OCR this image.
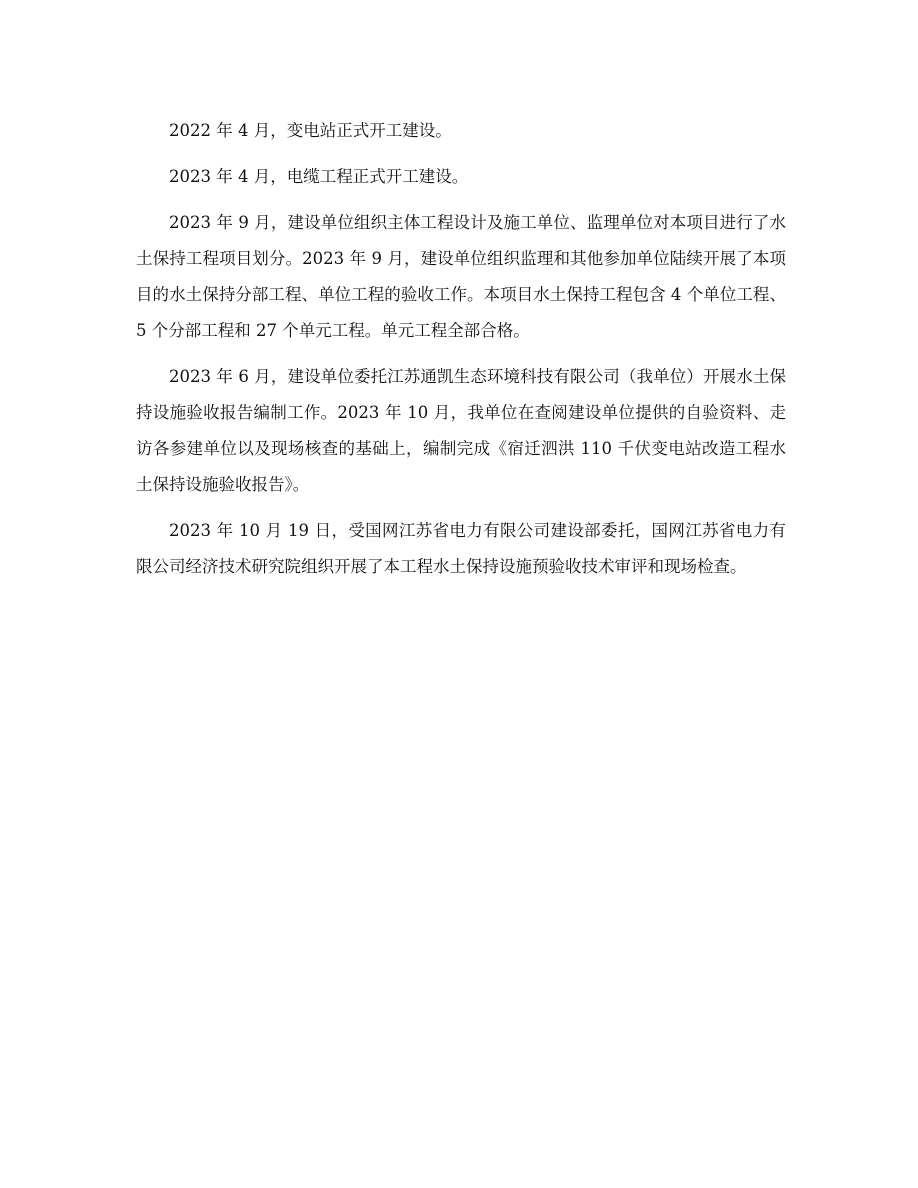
2022 年 4 月，变电站正式开工建设。

2023 年 4 月，电缆工程正式开工建设。

2023 年 9 月，建设单位组织主体工程设计及施工单位、监理单位对本项目进行了水土保持工程项目划分。2023 年 9 月，建设单位组织监理和其他参加单位陆续开展了本项目的水土保持分部工程、单位工程的验收工作。本项目水土保持工程包含 4 个单位工程、5 个分部工程和 27 个单元工程。单元工程全部合格。

2023 年 6 月，建设单位委托江苏通凯生态环境科技有限公司（我单位）开展水土保持设施验收报告编制工作。2023 年 10 月，我单位在查阅建设单位提供的自验资料、走访各参建单位以及现场核查的基础上，编制完成《宿迁泗洪 110 千伏变电站改造工程水土保持设施验收报告》。

2023 年 10 月 19 日，受国网江苏省电力有限公司建设部委托，国网江苏省电力有限公司经济技术研究院组织开展了本工程水土保持设施预验收技术审评和现场检查。
